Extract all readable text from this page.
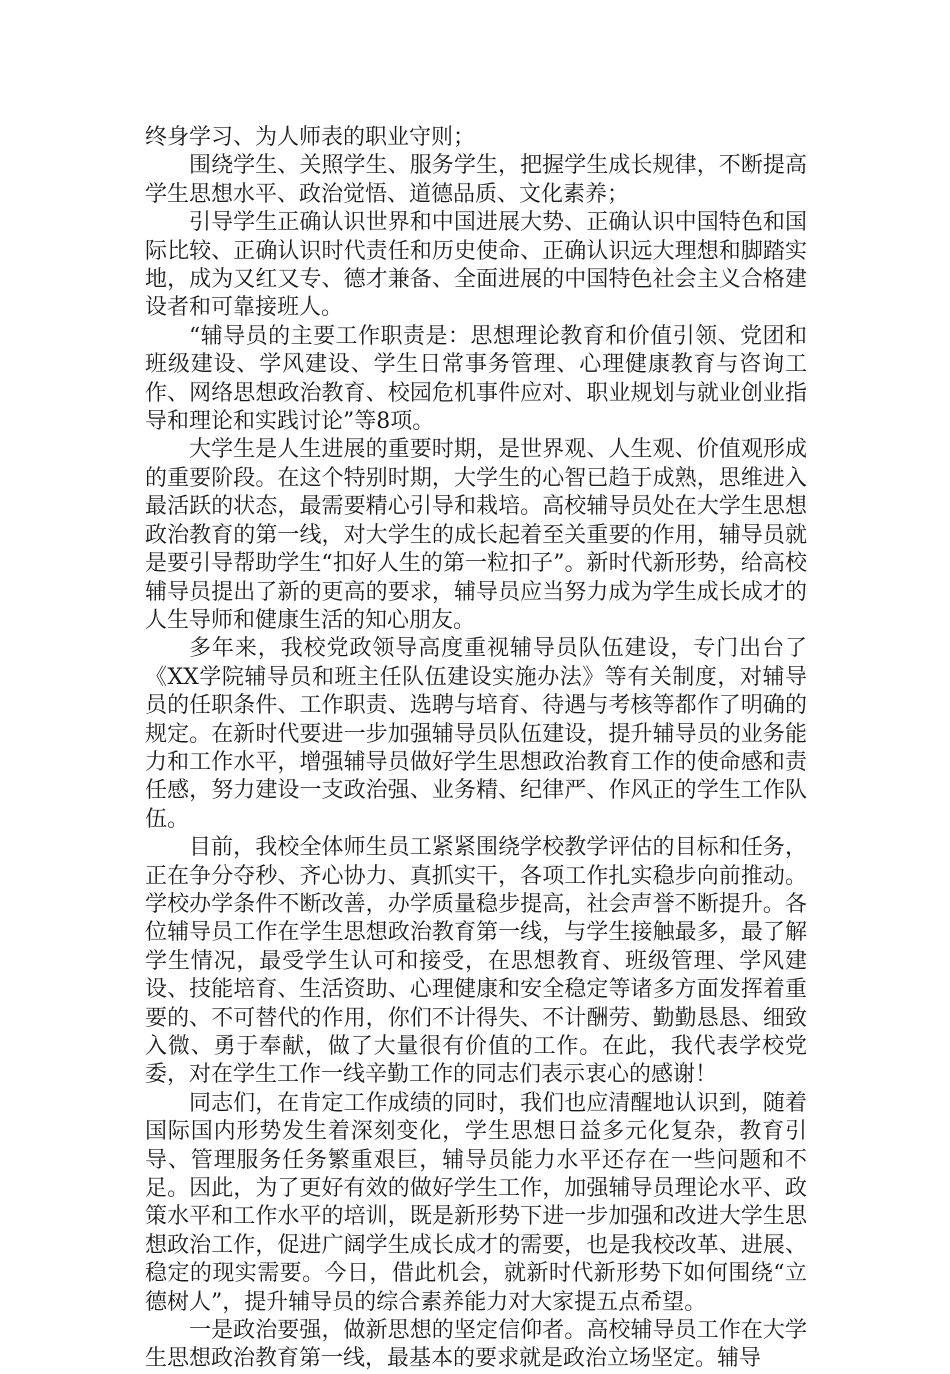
终身学习、为人师表的职业守则；

围绕学生、关照学生、服务学生，把握学生成长规律，不断提高学生思想水平、政治觉悟、道德品质、文化素养；

引导学生正确认识世界和中国进展大势、正确认识中国特色和国际比较、正确认识时代责任和历史使命、正确认识远大理想和脚踏实地，成为又红又专、德才兼备、全面进展的中国特色社会主义合格建设者和可靠接班人。

“辅导员的主要工作职责是：思想理论教育和价值引领、党团和班级建设、学风建设、学生日常事务管理、心理健康教育与咨询工作、网络思想政治教育、校园危机事件应对、职业规划与就业创业指导和理论和实践讨论”等8项。

大学生是人生进展的重要时期，是世界观、人生观、价值观形成的重要阶段。在这个特别时期，大学生的心智已趋于成熟，思维进入最活跃的状态，最需要精心引导和栽培。高校辅导员处在大学生思想政治教育的第一线，对大学生的成长起着至关重要的作用，辅导员就是要引导帮助学生“扣好人生的第一粒扣子”。新时代新形势，给高校辅导员提出了新的更高的要求，辅导员应当努力成为学生成长成才的人生导师和健康生活的知心朋友。

多年来，我校党政领导高度重视辅导员队伍建设，专门出台了《XX学院辅导员和班主任队伍建设实施办法》等有关制度，对辅导员的任职条件、工作职责、选聘与培育、待遇与考核等都作了明确的规定。在新时代要进一步加强辅导员队伍建设，提升辅导员的业务能力和工作水平，增强辅导员做好学生思想政治教育工作的使命感和责任感，努力建设一支政治强、业务精、纪律严、作风正的学生工作队伍。

目前，我校全体师生员工紧紧围绕学校教学评估的目标和任务，正在争分夺秒、齐心协力、真抓实干，各项工作扎实稳步向前推动。学校办学条件不断改善，办学质量稳步提高，社会声誉不断提升。各位辅导员工作在学生思想政治教育第一线，与学生接触最多，最了解学生情况，最受学生认可和接受，在思想教育、班级管理、学风建设、技能培育、生活资助、心理健康和安全稳定等诸多方面发挥着重要的、不可替代的作用，你们不计得失、不计酬劳、勤勤恳恳、细致入微、勇于奉献，做了大量很有价值的工作。在此，我代表学校党委，对在学生工作一线辛勤工作的同志们表示衷心的感谢！

同志们，在肯定工作成绩的同时，我们也应清醒地认识到，随着国际国内形势发生着深刻变化，学生思想日益多元化复杂，教育引导、管理服务任务繁重艰巨，辅导员能力水平还存在一些问题和不足。因此，为了更好有效的做好学生工作，加强辅导员理论水平、政策水平和工作水平的培训，既是新形势下进一步加强和改进大学生思想政治工作，促进广阔学生成长成才的需要，也是我校改革、进展、稳定的现实需要。今日，借此机会，就新时代新形势下如何围绕“立德树人”，提升辅导员的综合素养能力对大家提五点希望。

一是政治要强，做新思想的坚定信仰者。高校辅导员工作在大学生思想政治教育第一线，最基本的要求就是政治立场坚定。辅导
